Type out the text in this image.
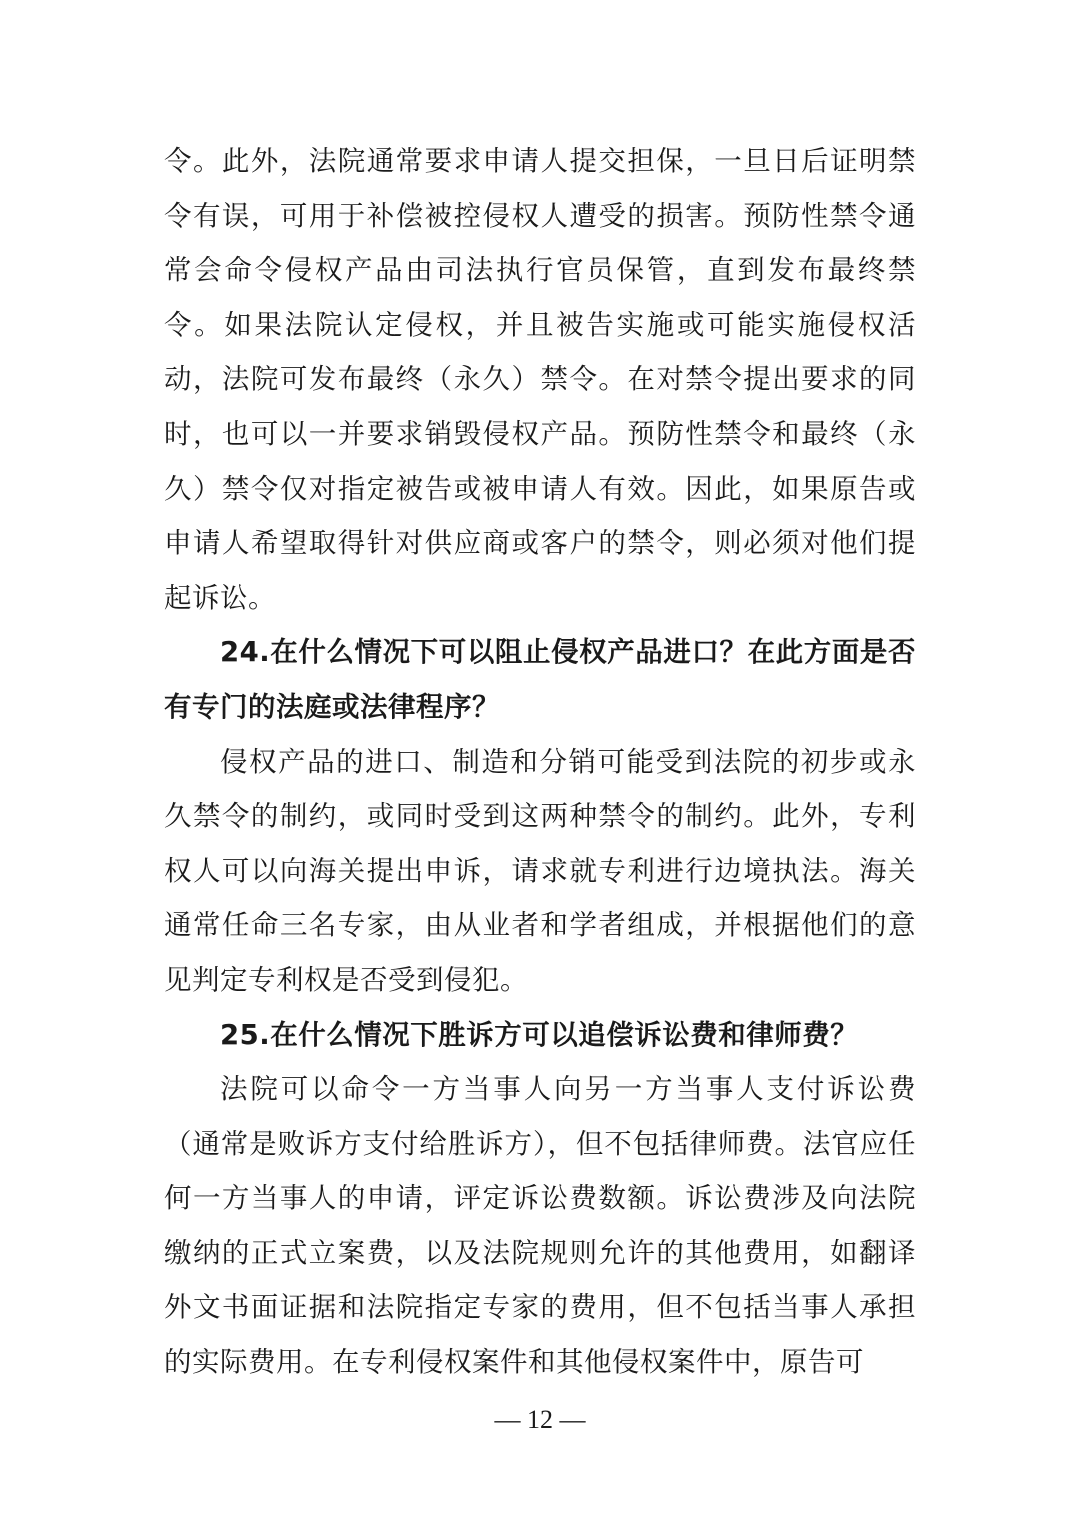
令。此外，法院通常要求申请人提交担保，一旦日后证明禁令有误，可用于补偿被控侵权人遭受的损害。预防性禁令通常会命令侵权产品由司法执行官员保管，直到发布最终禁令。如果法院认定侵权，并且被告实施或可能实施侵权活动，法院可发布最终（永久）禁令。在对禁令提出要求的同时，也可以一并要求销毁侵权产品。预防性禁令和最终（永久）禁令仅对指定被告或被申请人有效。因此，如果原告或申请人希望取得针对供应商或客户的禁令，则必须对他们提起诉讼。

24.在什么情况下可以阻止侵权产品进口？在此方面是否有专门的法庭或法律程序？

侵权产品的进口、制造和分销可能受到法院的初步或永久禁令的制约，或同时受到这两种禁令的制约。此外，专利权人可以向海关提出申诉，请求就专利进行边境执法。海关通常任命三名专家，由从业者和学者组成，并根据他们的意见判定专利权是否受到侵犯。

25.在什么情况下胜诉方可以追偿诉讼费和律师费？

法院可以命令一方当事人向另一方当事人支付诉讼费（通常是败诉方支付给胜诉方），但不包括律师费。法官应任何一方当事人的申请，评定诉讼费数额。诉讼费涉及向法院缴纳的正式立案费，以及法院规则允许的其他费用，如翻译外文书面证据和法院指定专家的费用，但不包括当事人承担的实际费用。在专利侵权案件和其他侵权案件中，原告可

— 12 —
